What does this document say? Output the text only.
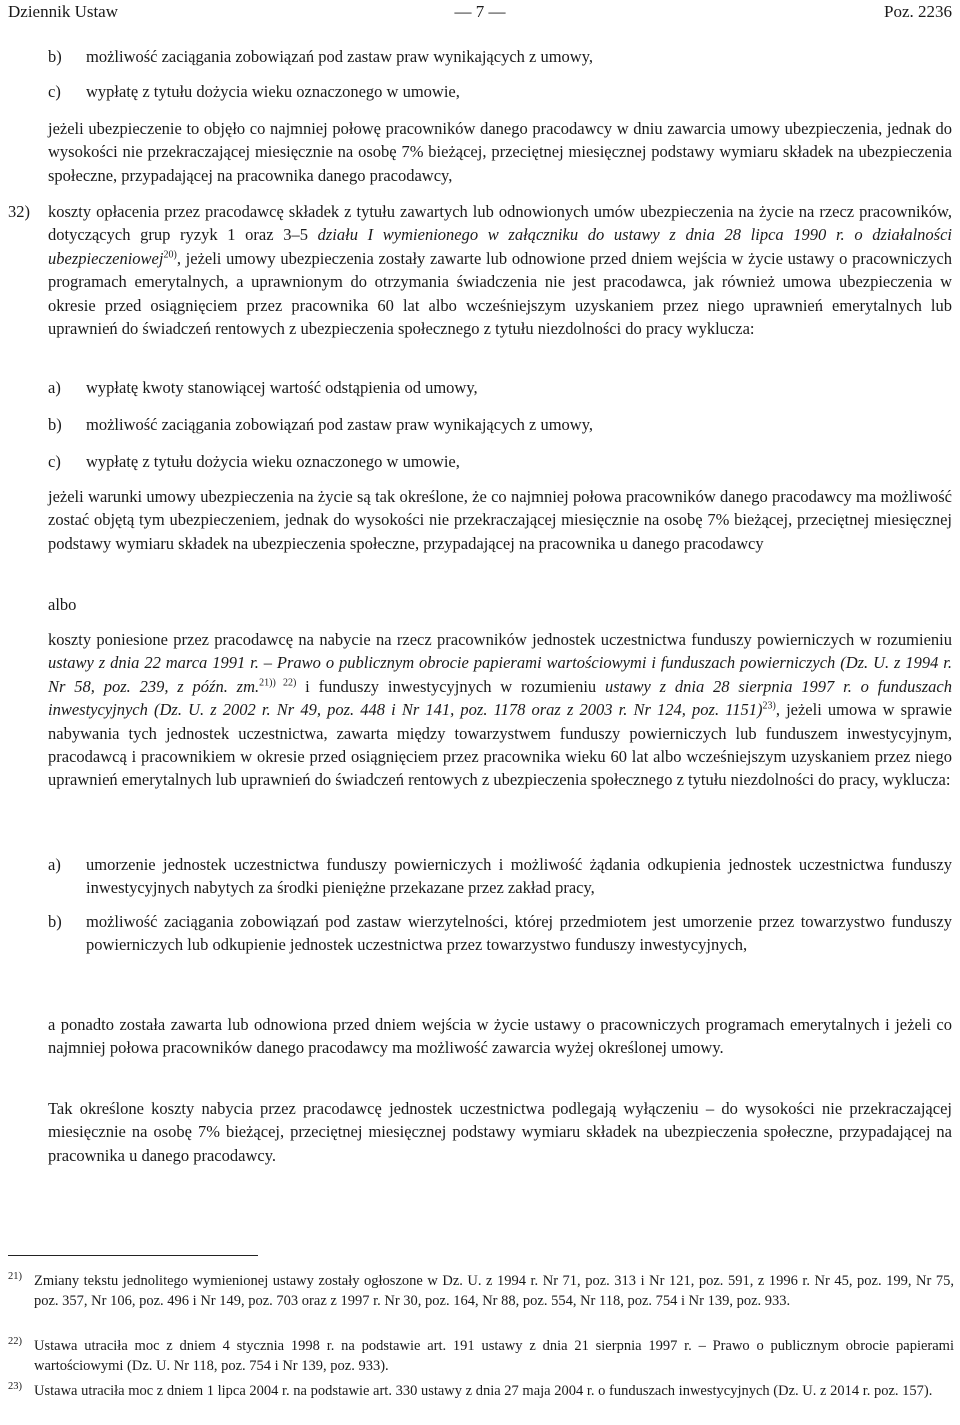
Dziennik Ustaw	— 7 —	Poz. 2236
b)	możliwość zaciągania zobowiązań pod zastaw praw wynikających z umowy,
c)	wypłatę z tytułu dożycia wieku oznaczonego w umowie,
jeżeli ubezpieczenie to objęło co najmniej połowę pracowników danego pracodawcy w dniu zawarcia umowy ubezpieczenia, jednak do wysokości nie przekraczającej miesięcznie na osobę 7% bieżącej, przeciętnej miesięcznej podstawy wymiaru składek na ubezpieczenia społeczne, przypadającej na pracownika danego pracodawcy,
32)	koszty opłacenia przez pracodawcę składek z tytułu zawartych lub odnowionych umów ubezpieczenia na życie na rzecz pracowników, dotyczących grup ryzyk 1 oraz 3–5 działu I wymienionego w załączniku do ustawy z dnia 28 lipca 1990 r. o działalności ubezpieczeniowej$^{20)}$, jeżeli umowy ubezpieczenia zostały zawarte lub odnowione przed dniem wejścia w życie ustawy o pracowniczych programach emerytalnych, a uprawnionym do otrzymania świadczenia nie jest pracodawca, jak również umowa ubezpieczenia w okresie przed osiągnięciem przez pracownika 60 lat albo wcześniejszym uzyskaniem przez niego uprawnień emerytalnych lub uprawnień do świadczeń rentowych z ubezpieczenia społecznego z tytułu niezdolności do pracy wyklucza:
a)	wypłatę kwoty stanowiącej wartość odstąpienia od umowy,
b)	możliwość zaciągania zobowiązań pod zastaw praw wynikających z umowy,
c)	wypłatę z tytułu dożycia wieku oznaczonego w umowie,
jeżeli warunki umowy ubezpieczenia na życie są tak określone, że co najmniej połowa pracowników danego pracodawcy ma możliwość zostać objętą tym ubezpieczeniem, jednak do wysokości nie przekraczającej miesięcznie na osobę 7% bieżącej, przeciętnej miesięcznej podstawy wymiaru składek na ubezpieczenia społeczne, przypadającej na pracownika u danego pracodawcy
albo
koszty poniesione przez pracodawcę na nabycie na rzecz pracowników jednostek uczestnictwa funduszy powierniczych w rozumieniu ustawy z dnia 22 marca 1991 r. – Prawo o publicznym obrocie papierami wartościowymi i funduszach powierniczych (Dz. U. z 1994 r. Nr 58, poz. 239, z późn. zm.$^{21)) 22)}$ i funduszy inwestycyjnych w rozumieniu ustawy z dnia 28 sierpnia 1997 r. o funduszach inwestycyjnych (Dz. U. z 2002 r. Nr 49, poz. 448 i Nr 141, poz. 1178 oraz z 2003 r. Nr 124, poz. 1151)$^{23)}$, jeżeli umowa w sprawie nabywania tych jednostek uczestnictwa, zawarta między towarzystwem funduszy powierniczych lub funduszem inwestycyjnym, pracodawcą i pracownikiem w okresie przed osiągnięciem przez pracownika wieku 60 lat albo wcześniejszym uzyskaniem przez niego uprawnień emerytalnych lub uprawnień do świadczeń rentowych z ubezpieczenia społecznego z tytułu niezdolności do pracy, wyklucza:
a)	umorzenie jednostek uczestnictwa funduszy powierniczych i możliwość żądania odkupienia jednostek uczestnictwa funduszy inwestycyjnych nabytych za środki pieniężne przekazane przez zakład pracy,
b)	możliwość zaciągania zobowiązań pod zastaw wierzytelności, której przedmiotem jest umorzenie przez towarzystwo funduszy powierniczych lub odkupienie jednostek uczestnictwa przez towarzystwo funduszy inwestycyjnych,
a ponadto została zawarta lub odnowiona przed dniem wejścia w życie ustawy o pracowniczych programach emerytalnych i jeżeli co najmniej połowa pracowników danego pracodawcy ma możliwość zawarcia wyżej określonej umowy.
Tak określone koszty nabycia przez pracodawcę jednostek uczestnictwa podlegają wyłączeniu – do wysokości nie przekraczającej miesięcznie na osobę 7% bieżącej, przeciętnej miesięcznej podstawy wymiaru składek na ubezpieczenia społeczne, przypadającej na pracownika u danego pracodawcy.
21) Zmiany tekstu jednolitego wymienionej ustawy zostały ogłoszone w Dz. U. z 1994 r. Nr 71, poz. 313 i Nr 121, poz. 591, z 1996 r. Nr 45, poz. 199, Nr 75, poz. 357, Nr 106, poz. 496 i Nr 149, poz. 703 oraz z 1997 r. Nr 30, poz. 164, Nr 88, poz. 554, Nr 118, poz. 754 i Nr 139, poz. 933.
22) Ustawa utraciła moc z dniem 4 stycznia 1998 r. na podstawie art. 191 ustawy z dnia 21 sierpnia 1997 r. – Prawo o publicznym obrocie papierami wartościowymi (Dz. U. Nr 118, poz. 754 i Nr 139, poz. 933).
23) Ustawa utraciła moc z dniem 1 lipca 2004 r. na podstawie art. 330 ustawy z dnia 27 maja 2004 r. o funduszach inwestycyjnych (Dz. U. z 2014 r. poz. 157).
